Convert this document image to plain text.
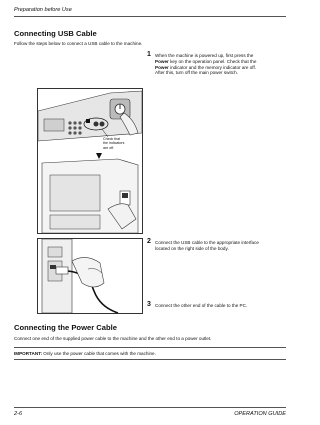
Preparation before Use
Connecting USB Cable
Follow the steps below to connect a USB cable to the machine.
1 When the machine is powered up, first press the
Power key on the operation panel. Check that the
Power indicator and the memory indicator are off.
After this, turn off the main power switch.
Check that
the indicators
are off.
2 Connect the USB cable to the appropriate interface
located on the right side of the body.
3 Connect the other end of the cable to the PC.
Connecting the Power Cable
Connect one end of the supplied power cable to the machine and the other end to a power outlet.
IMPORTANT: Only use the power cable that comes with the machine.
2-6	OPERATION GUIDE
